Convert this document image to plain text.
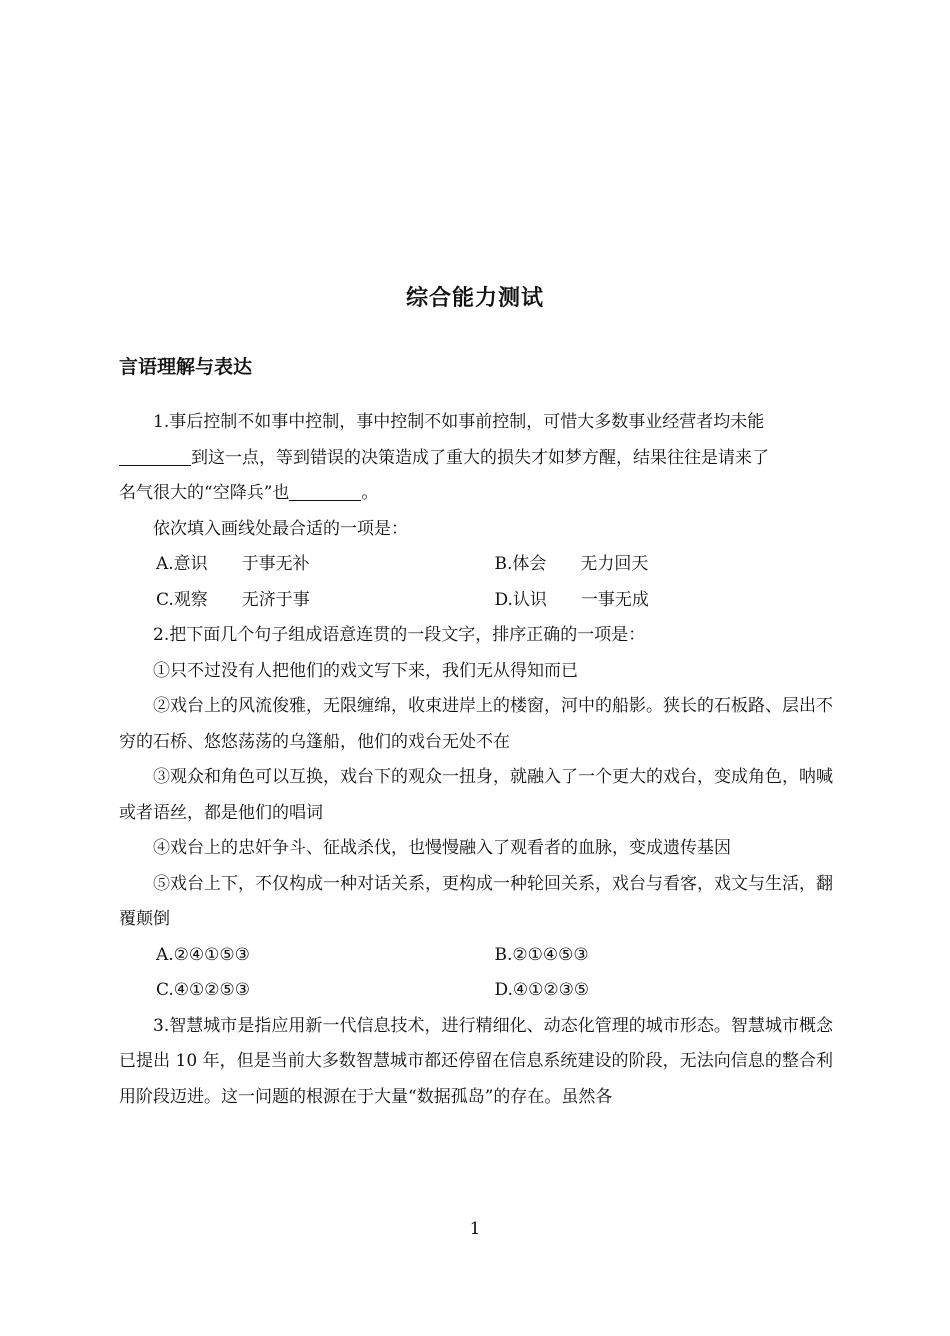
综合能力测试
言语理解与表达

1.事后控制不如事中控制，事中控制不如事前控制，可惜大多数事业经营者均未能
到这一点，等到错误的决策造成了重大的损失才如梦方醒，结果往往是请来了
名气很大的“空降兵”也	。

依次填入画线处最合适的一项是：

A.意识　　于事无补	B.体会　　无力回天
C.观察　　无济于事	D.认识　　一事无成

2.把下面几个句子组成语意连贯的一段文字，排序正确的一项是：

①只不过没有人把他们的戏文写下来，我们无从得知而已

②戏台上的风流俊雅，无限缠绵，收束进岸上的楼窗，河中的船影。狭长的石板路、层出不穷的石桥、悠悠荡荡的乌篷船，他们的戏台无处不在

③观众和角色可以互换，戏台下的观众一扭身，就融入了一个更大的戏台，变成角色，呐喊或者语丝，都是他们的唱词

④戏台上的忠奸争斗、征战杀伐，也慢慢融入了观看者的血脉，变成遗传基因

⑤戏台上下，不仅构成一种对话关系，更构成一种轮回关系，戏台与看客，戏文与生活，翻覆颠倒

A.②④①⑤③	B.②①④⑤③
C.④①②⑤③	D.④①②③⑤

3.智慧城市是指应用新一代信息技术，进行精细化、动态化管理的城市形态。智慧城市概念已提出 10 年，但是当前大多数智慧城市都还停留在信息系统建设的阶段，无法向信息的整合利用阶段迈进。这一问题的根源在于大量“数据孤岛”的存在。虽然各

1
